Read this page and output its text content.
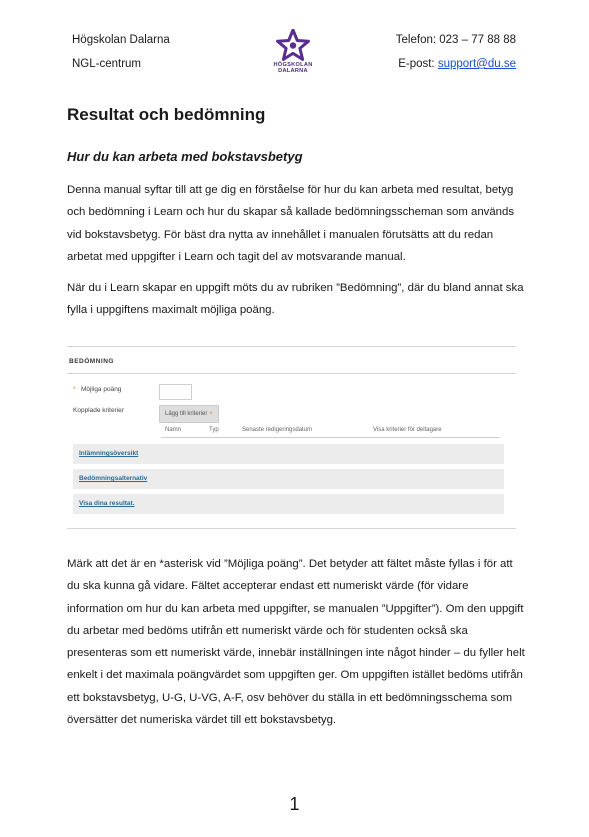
Högskolan Dalarna
NGL-centrum
Telefon: 023 – 77 88 88
E-post: support@du.se
HÖGSKOLAN
DALARNA
Resultat och bedömning
Hur du kan arbeta med bokstavsbetyg
Denna manual syftar till att ge dig en förståelse för hur du kan arbeta med resultat, betyg och bedömning i Learn och hur du skapar så kallade bedömningsscheman som används vid bokstavsbetyg. För bäst dra nytta av innehållet i manualen förutsätts att du redan arbetat med uppgifter i Learn och tagit del av motsvarande manual.
När du i Learn skapar en uppgift möts du av rubriken ”Bedömning”, där du bland annat ska fylla i uppgiftens maximalt möjliga poäng.
BEDÖMNING
* Möjliga poäng
Kopplade kriterier	Lägg till kriterier ×
Namn	Typ	Senaste redigeringsdatum	Visa kriterier för deltagare
Inlämningsöversikt
Bedömningsalternativ
Visa dina resultat.
Märk att det är en *asterisk vid ”Möjliga poäng”. Det betyder att fältet måste fyllas i för att du ska kunna gå vidare. Fältet accepterar endast ett numeriskt värde (för vidare information om hur du kan arbeta med uppgifter, se manualen ”Uppgifter”). Om den uppgift du arbetar med bedöms utifrån ett numeriskt värde och för studenten också ska presenteras som ett numeriskt värde, innebär inställningen inte något hinder – du fyller helt enkelt i det maximala poängvärdet som uppgiften ger. Om uppgiften istället bedöms utifrån ett bokstavsbetyg, U-G, U-VG, A-F, osv behöver du ställa in ett bedömningsschema som översätter det numeriska värdet till ett bokstavsbetyg.
1
